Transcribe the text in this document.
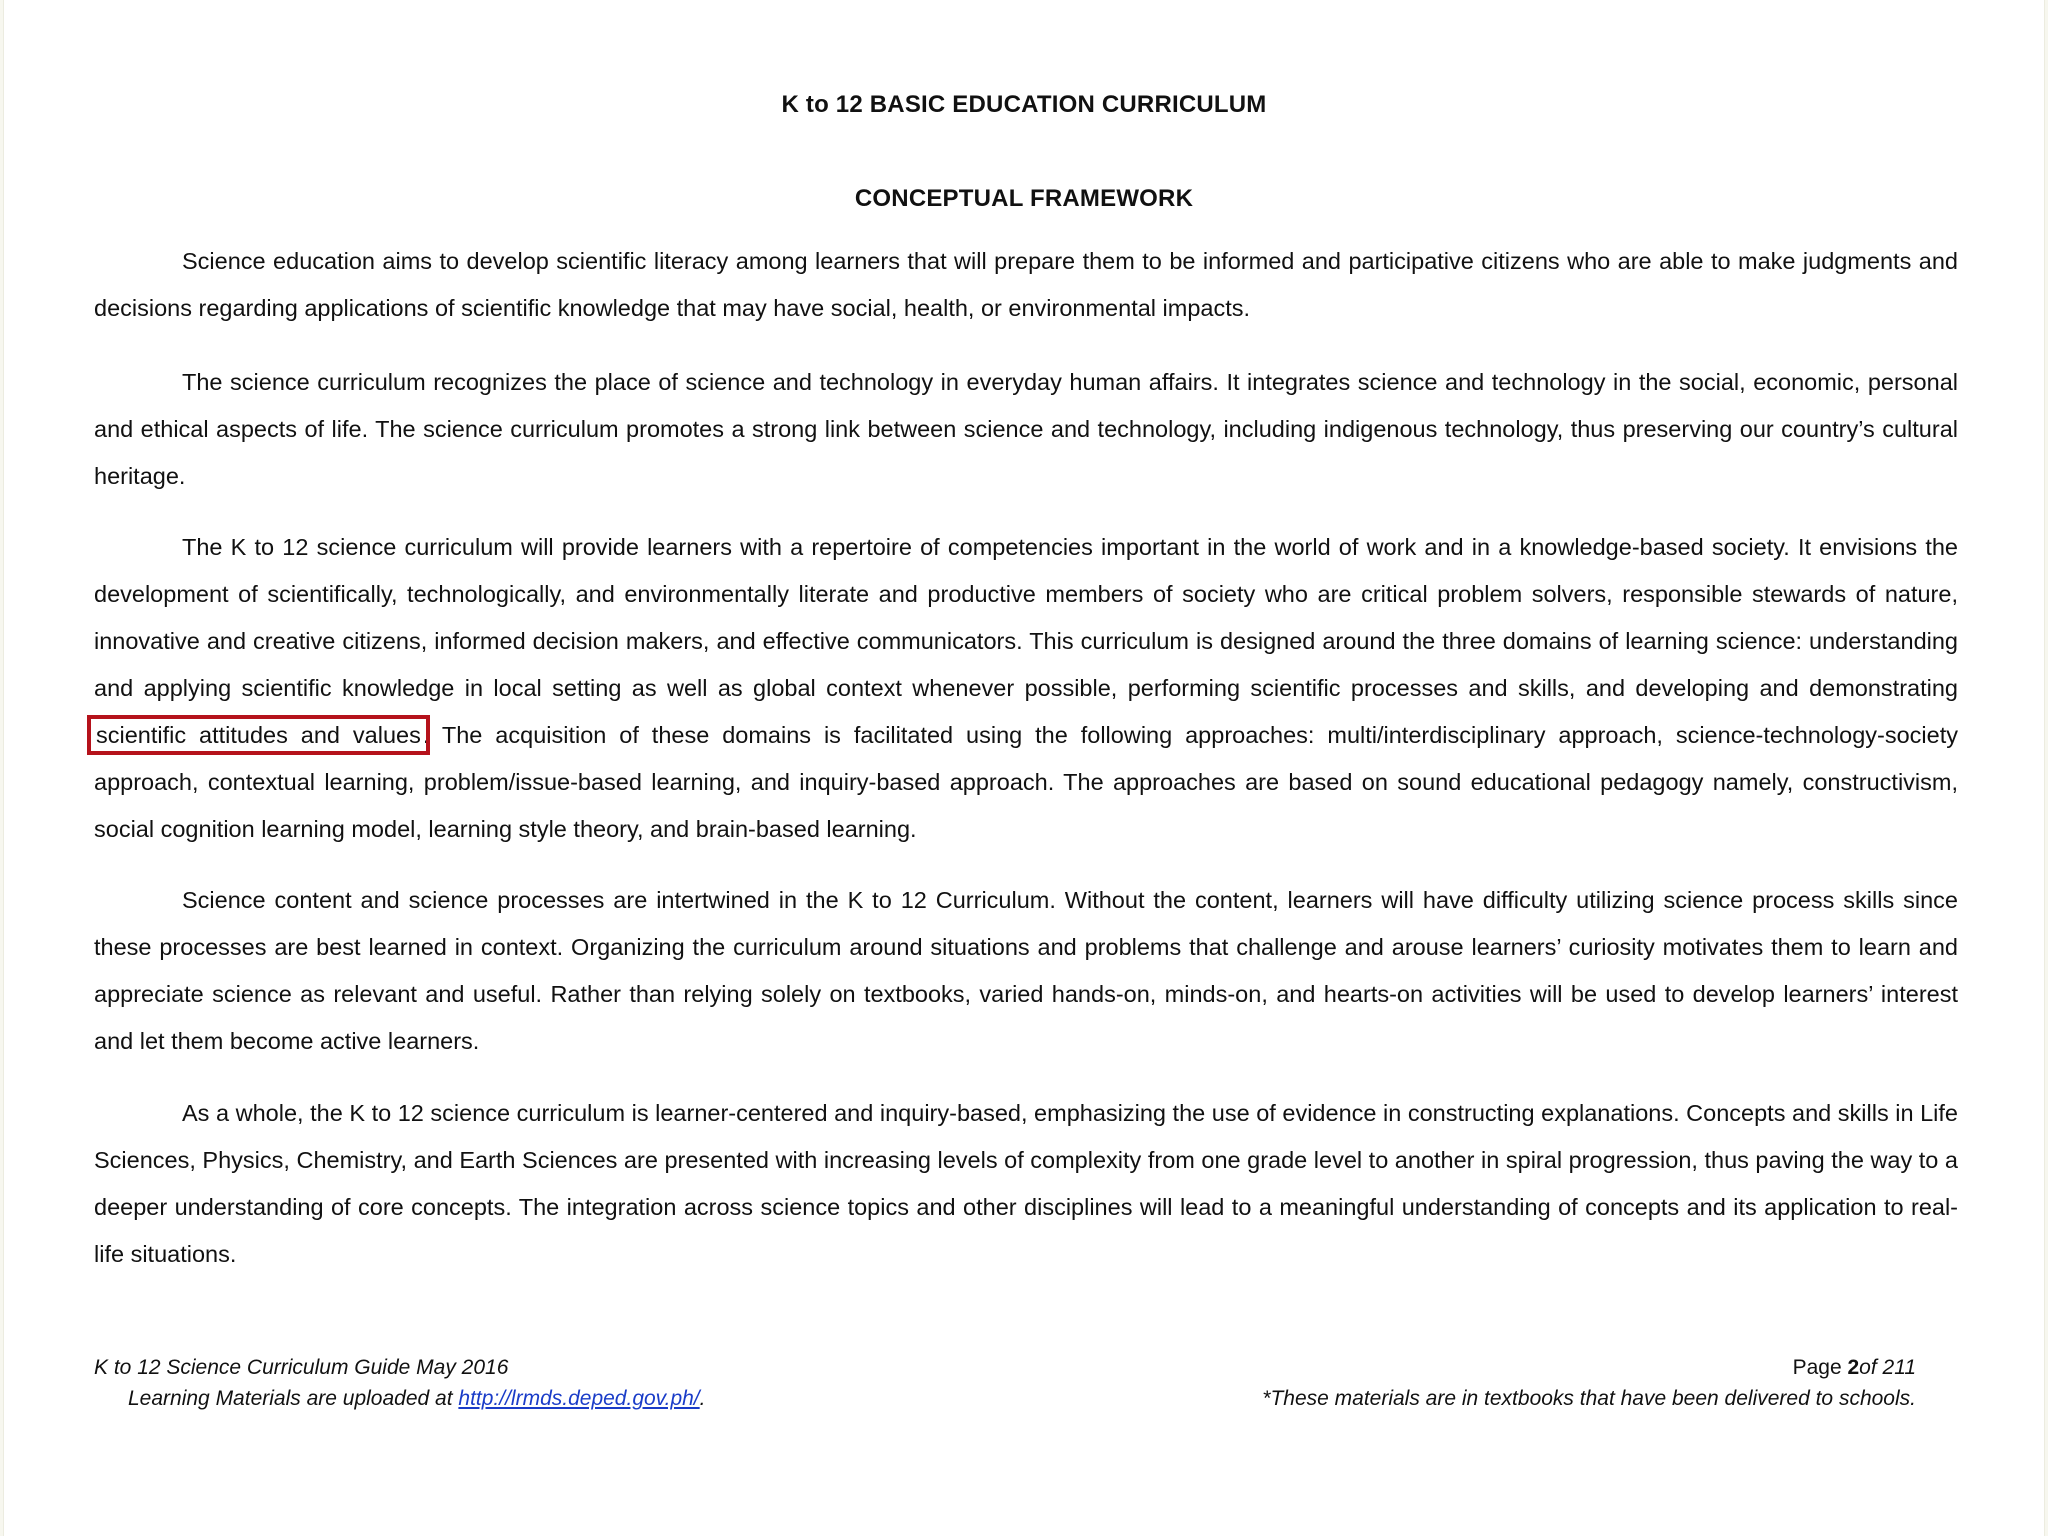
K to 12 BASIC EDUCATION CURRICULUM
CONCEPTUAL FRAMEWORK

Science education aims to develop scientific literacy among learners that will prepare them to be informed and participative citizens who are able to make judgments and decisions regarding applications of scientific knowledge that may have social, health, or environmental impacts.

The science curriculum recognizes the place of science and technology in everyday human affairs. It integrates science and technology in the social, economic, personal and ethical aspects of life. The science curriculum promotes a strong link between science and technology, including indigenous technology, thus preserving our country’s cultural heritage.

The K to 12 science curriculum will provide learners with a repertoire of competencies important in the world of work and in a knowledge-based society. It envisions the development of scientifically, technologically, and environmentally literate and productive members of society who are critical problem solvers, responsible stewards of nature, innovative and creative citizens, informed decision makers, and effective communicators. This curriculum is designed around the three domains of learning science: understanding and applying scientific knowledge in local setting as well as global context whenever possible, performing scientific processes and skills, and developing and demonstrating scientific attitudes and values. The acquisition of these domains is facilitated using the following approaches: multi/interdisciplinary approach, science-technology-society approach, contextual learning, problem/issue-based learning, and inquiry-based approach. The approaches are based on sound educational pedagogy namely, constructivism, social cognition learning model, learning style theory, and brain-based learning.

Science content and science processes are intertwined in the K to 12 Curriculum. Without the content, learners will have difficulty utilizing science process skills since these processes are best learned in context. Organizing the curriculum around situations and problems that challenge and arouse learners’ curiosity motivates them to learn and appreciate science as relevant and useful. Rather than relying solely on textbooks, varied hands-on, minds-on, and hearts-on activities will be used to develop learners’ interest and let them become active learners.

As a whole, the K to 12 science curriculum is learner-centered and inquiry-based, emphasizing the use of evidence in constructing explanations. Concepts and skills in Life Sciences, Physics, Chemistry, and Earth Sciences are presented with increasing levels of complexity from one grade level to another in spiral progression, thus paving the way to a deeper understanding of core concepts. The integration across science topics and other disciplines will lead to a meaningful understanding of concepts and its application to real-life situations.

K to 12 Science Curriculum Guide May 2016
Learning Materials are uploaded at http://lrmds.deped.gov.ph/.
Page 2of 211
*These materials are in textbooks that have been delivered to schools.
